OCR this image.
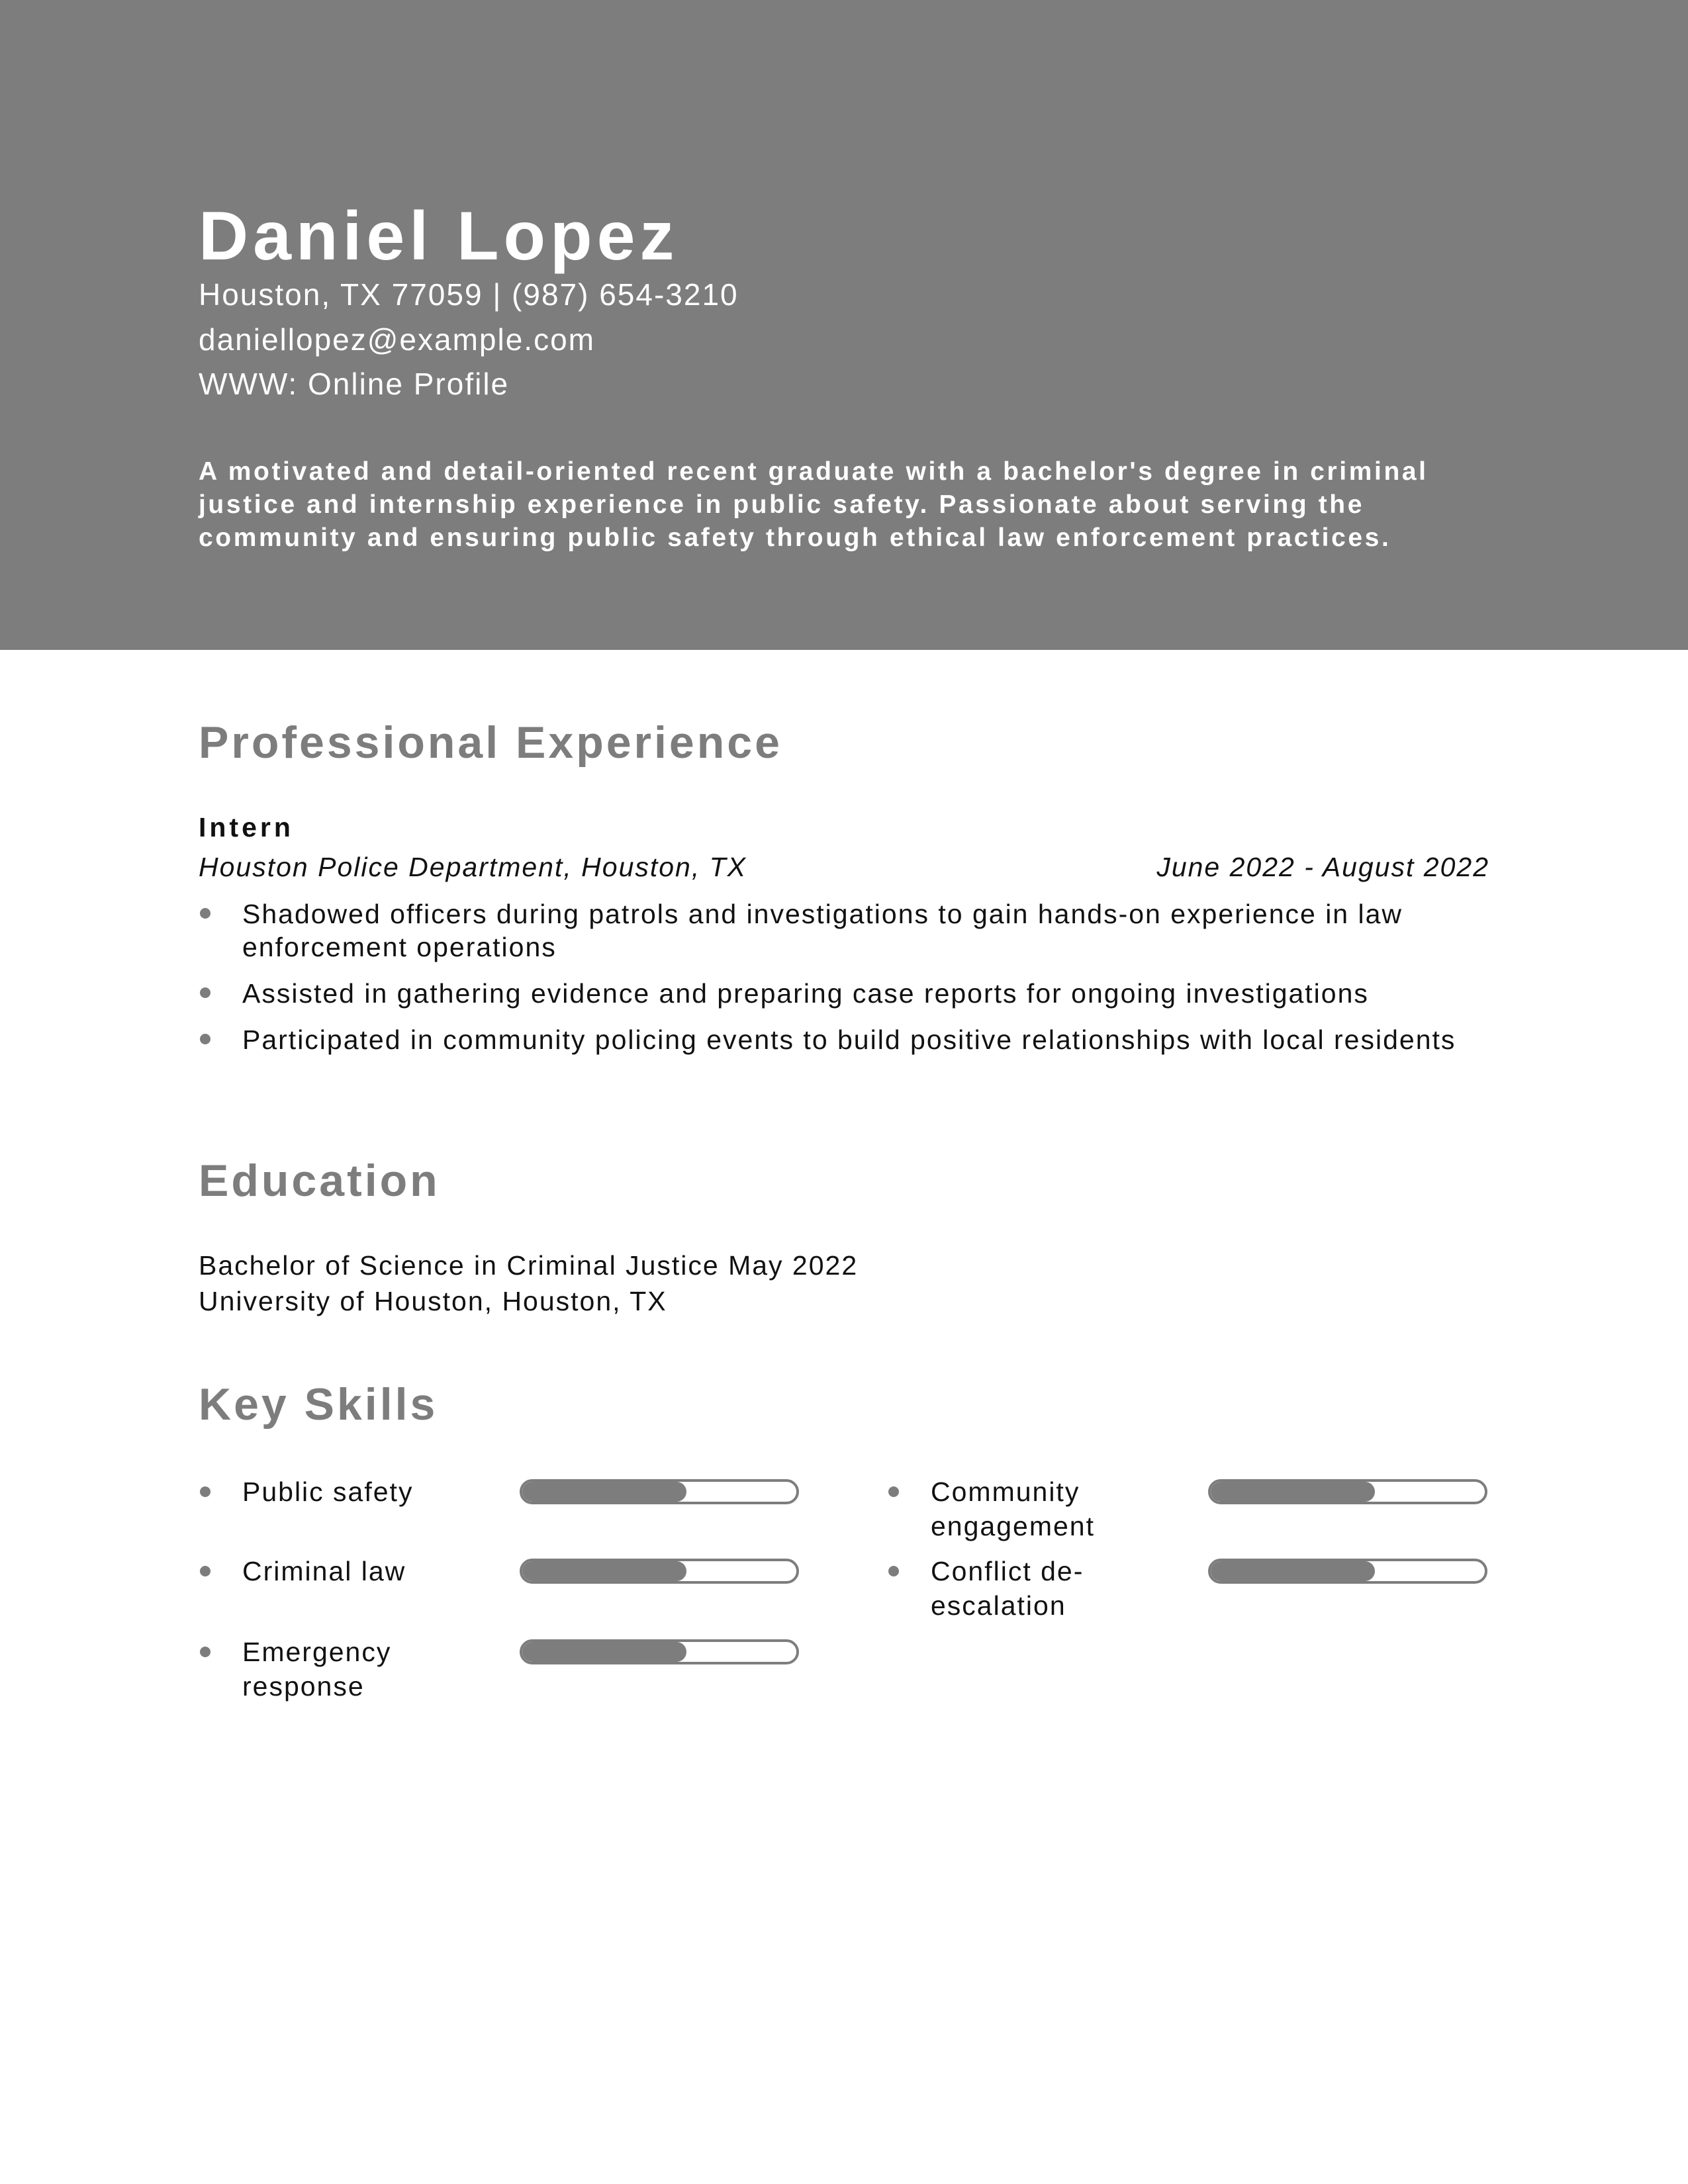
Daniel Lopez
Houston, TX 77059 | (987) 654-3210
daniellopez@example.com
WWW: Online Profile
A motivated and detail-oriented recent graduate with a bachelor's degree in criminal justice and internship experience in public safety. Passionate about serving the community and ensuring public safety through ethical law enforcement practices.
Professional Experience
Intern
Houston Police Department, Houston, TX	June 2022 - August 2022
Shadowed officers during patrols and investigations to gain hands-on experience in law enforcement operations
Assisted in gathering evidence and preparing case reports for ongoing investigations
Participated in community policing events to build positive relationships with local residents
Education
Bachelor of Science in Criminal Justice May 2022
University of Houston, Houston, TX
Key Skills
Public safety	Community engagement
Criminal law	Conflict de-escalation
Emergency response
